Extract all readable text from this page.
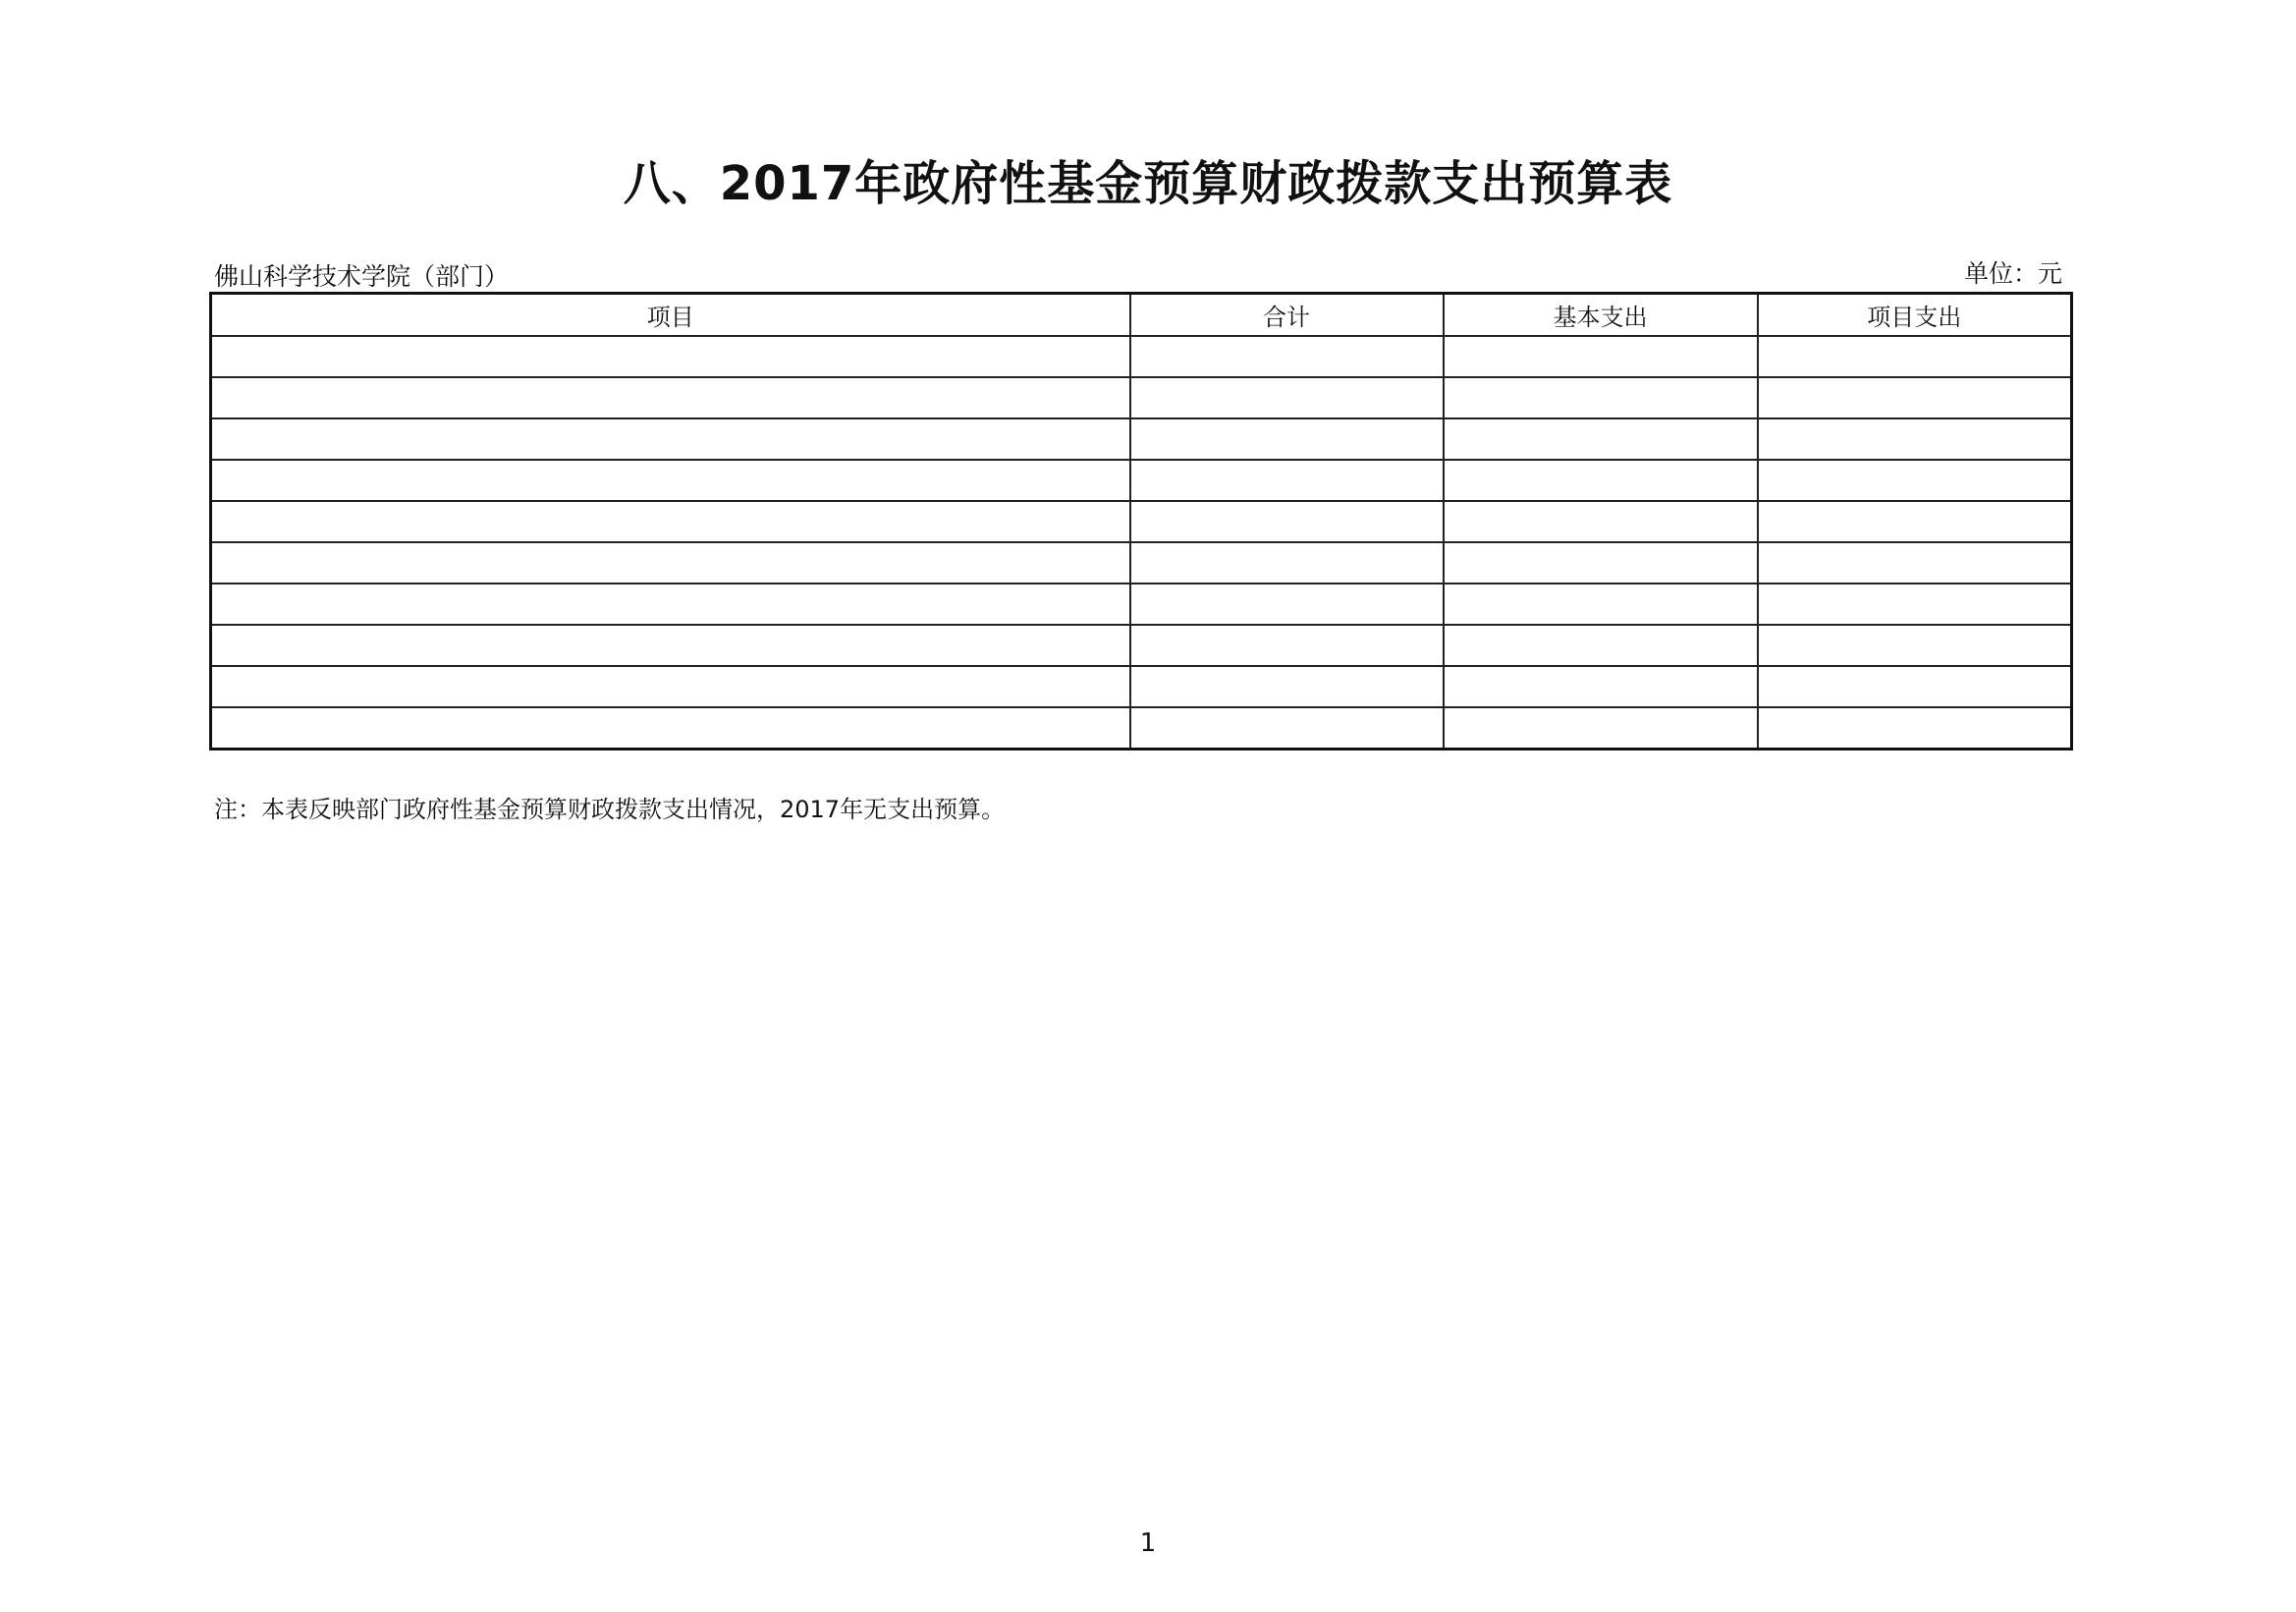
八、2017年政府性基金预算财政拨款支出预算表
佛山科学技术学院（部门）	单位：元
项目	合计	基本支出	项目支出

注：本表反映部门政府性基金预算财政拨款支出情况，2017年无支出预算。
1
